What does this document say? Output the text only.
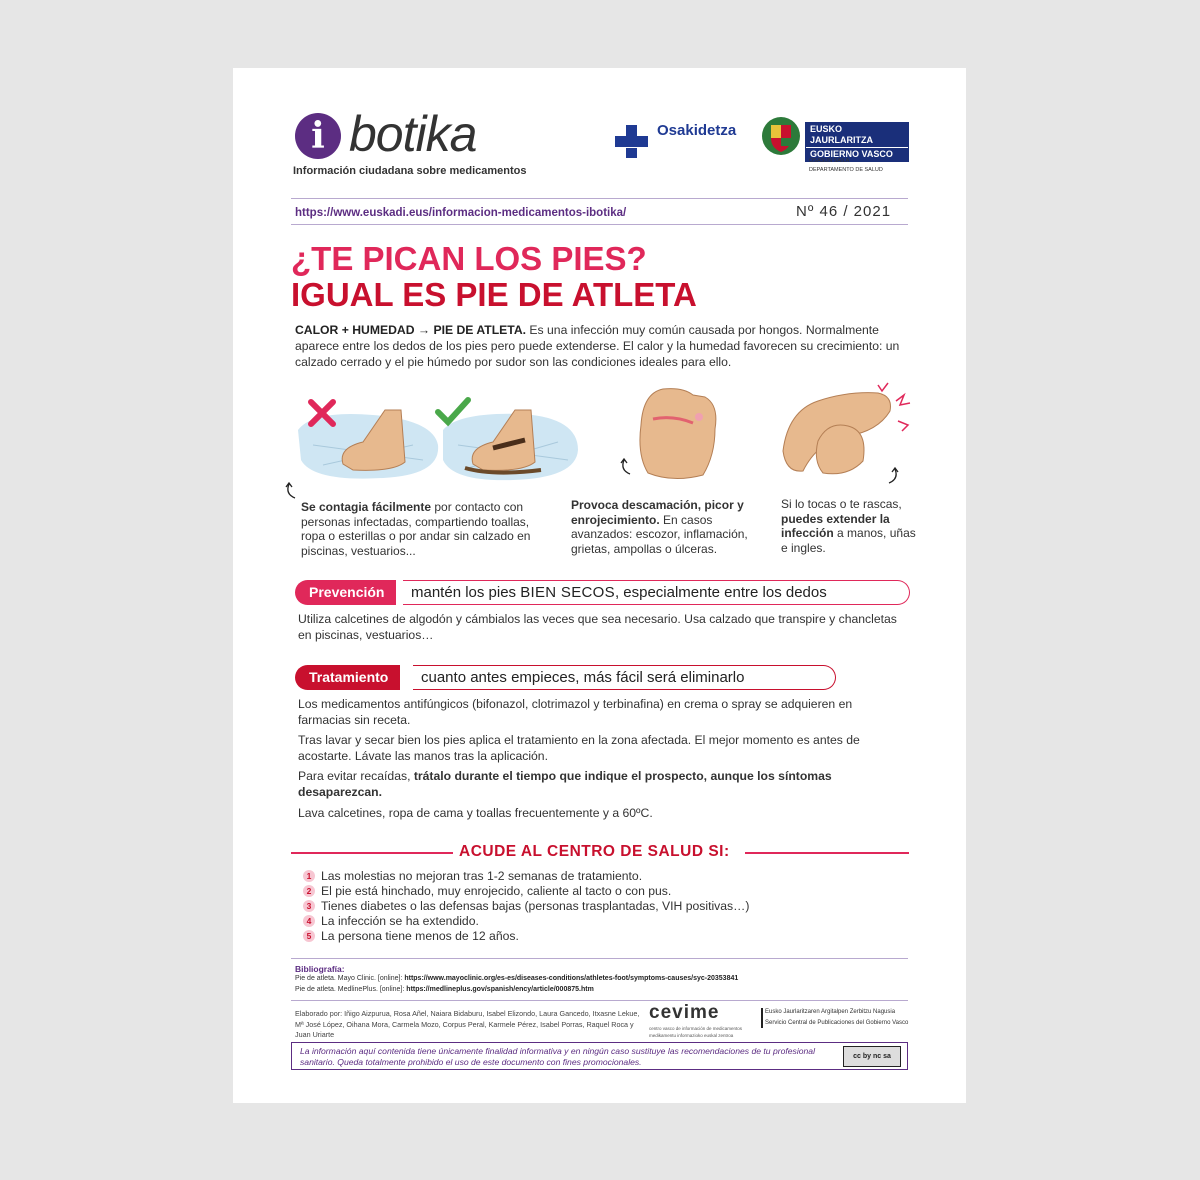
i botika
Información ciudadana sobre medicamentos
Osakidetza	EUSKO JAURLARITZA
GOBIERNO VASCO
OSASUN SAILA
DEPARTAMENTO DE SALUD
https://www.euskadi.eus/informacion-medicamentos-ibotika/	Nº 46 / 2021
¿TE PICAN LOS PIES?
IGUAL ES PIE DE ATLETA
CALOR + HUMEDAD → PIE DE ATLETA. Es una infección muy común causada por hongos. Normalmente aparece entre los dedos de los pies pero puede extenderse. El calor y la humedad favorecen su crecimiento: un calzado cerrado y el pie húmedo por sudor son las condiciones ideales para ello.
Se contagia fácilmente por contacto con personas infectadas, compartiendo toallas, ropa o esterillas o por andar sin calzado en piscinas, vestuarios...
Provoca descamación, picor y enrojecimiento. En casos avanzados: escozor, inflamación, grietas, ampollas o úlceras.
Si lo tocas o te rascas, puedes extender la infección a manos, uñas e ingles.
Prevención	mantén los pies BIEN SECOS, especialmente entre los dedos
Utiliza calcetines de algodón y cámbialos las veces que sea necesario. Usa calzado que transpire y chancletas en piscinas, vestuarios…
Tratamiento	cuanto antes empieces, más fácil será eliminarlo
Los medicamentos antifúngicos (bifonazol, clotrimazol y terbinafina) en crema o spray se adquieren en farmacias sin receta.
Tras lavar y secar bien los pies aplica el tratamiento en la zona afectada. El mejor momento es antes de acostarte. Lávate las manos tras la aplicación.
Para evitar recaídas, trátalo durante el tiempo que indique el prospecto, aunque los síntomas desaparezcan.
Lava calcetines, ropa de cama y toallas frecuentemente y a 60ºC.
ACUDE AL CENTRO DE SALUD SI:
1 Las molestias no mejoran tras 1-2 semanas de tratamiento.
2 El pie está hinchado, muy enrojecido, caliente al tacto o con pus.
3 Tienes diabetes o las defensas bajas (personas trasplantadas, VIH positivas…)
4 La infección se ha extendido.
5 La persona tiene menos de 12 años.
Bibliografía:
Pie de atleta. Mayo Clinic. [online]: https://www.mayoclinic.org/es-es/diseases-conditions/athletes-foot/symptoms-causes/syc-20353841
Pie de atleta. MedlinePlus. [online]: https://medlineplus.gov/spanish/ency/article/000875.htm
Elaborado por: Iñigo Aizpurua, Rosa Añel, Naiara Bidaburu, Isabel Elizondo, Laura Gancedo, Itxasne Lekue, Mª José López, Oihana Mora, Carmela Mozo, Corpus Peral, Karmele Pérez, Isabel Porras, Raquel Roca y Juan Uriarte
cevime
centro vasco de información de medicamentos
medikamentu informazioko euskal zentroa
Eusko Jaurlaritzaren Argitalpen Zerbitzu Nagusia
Servicio Central de Publicaciones del Gobierno Vasco
La información aquí contenida tiene únicamente finalidad informativa y en ningún caso sustituye las recomendaciones de tu profesional sanitario. Queda totalmente prohibido el uso de este documento con fines promocionales.	cc by nc sa
